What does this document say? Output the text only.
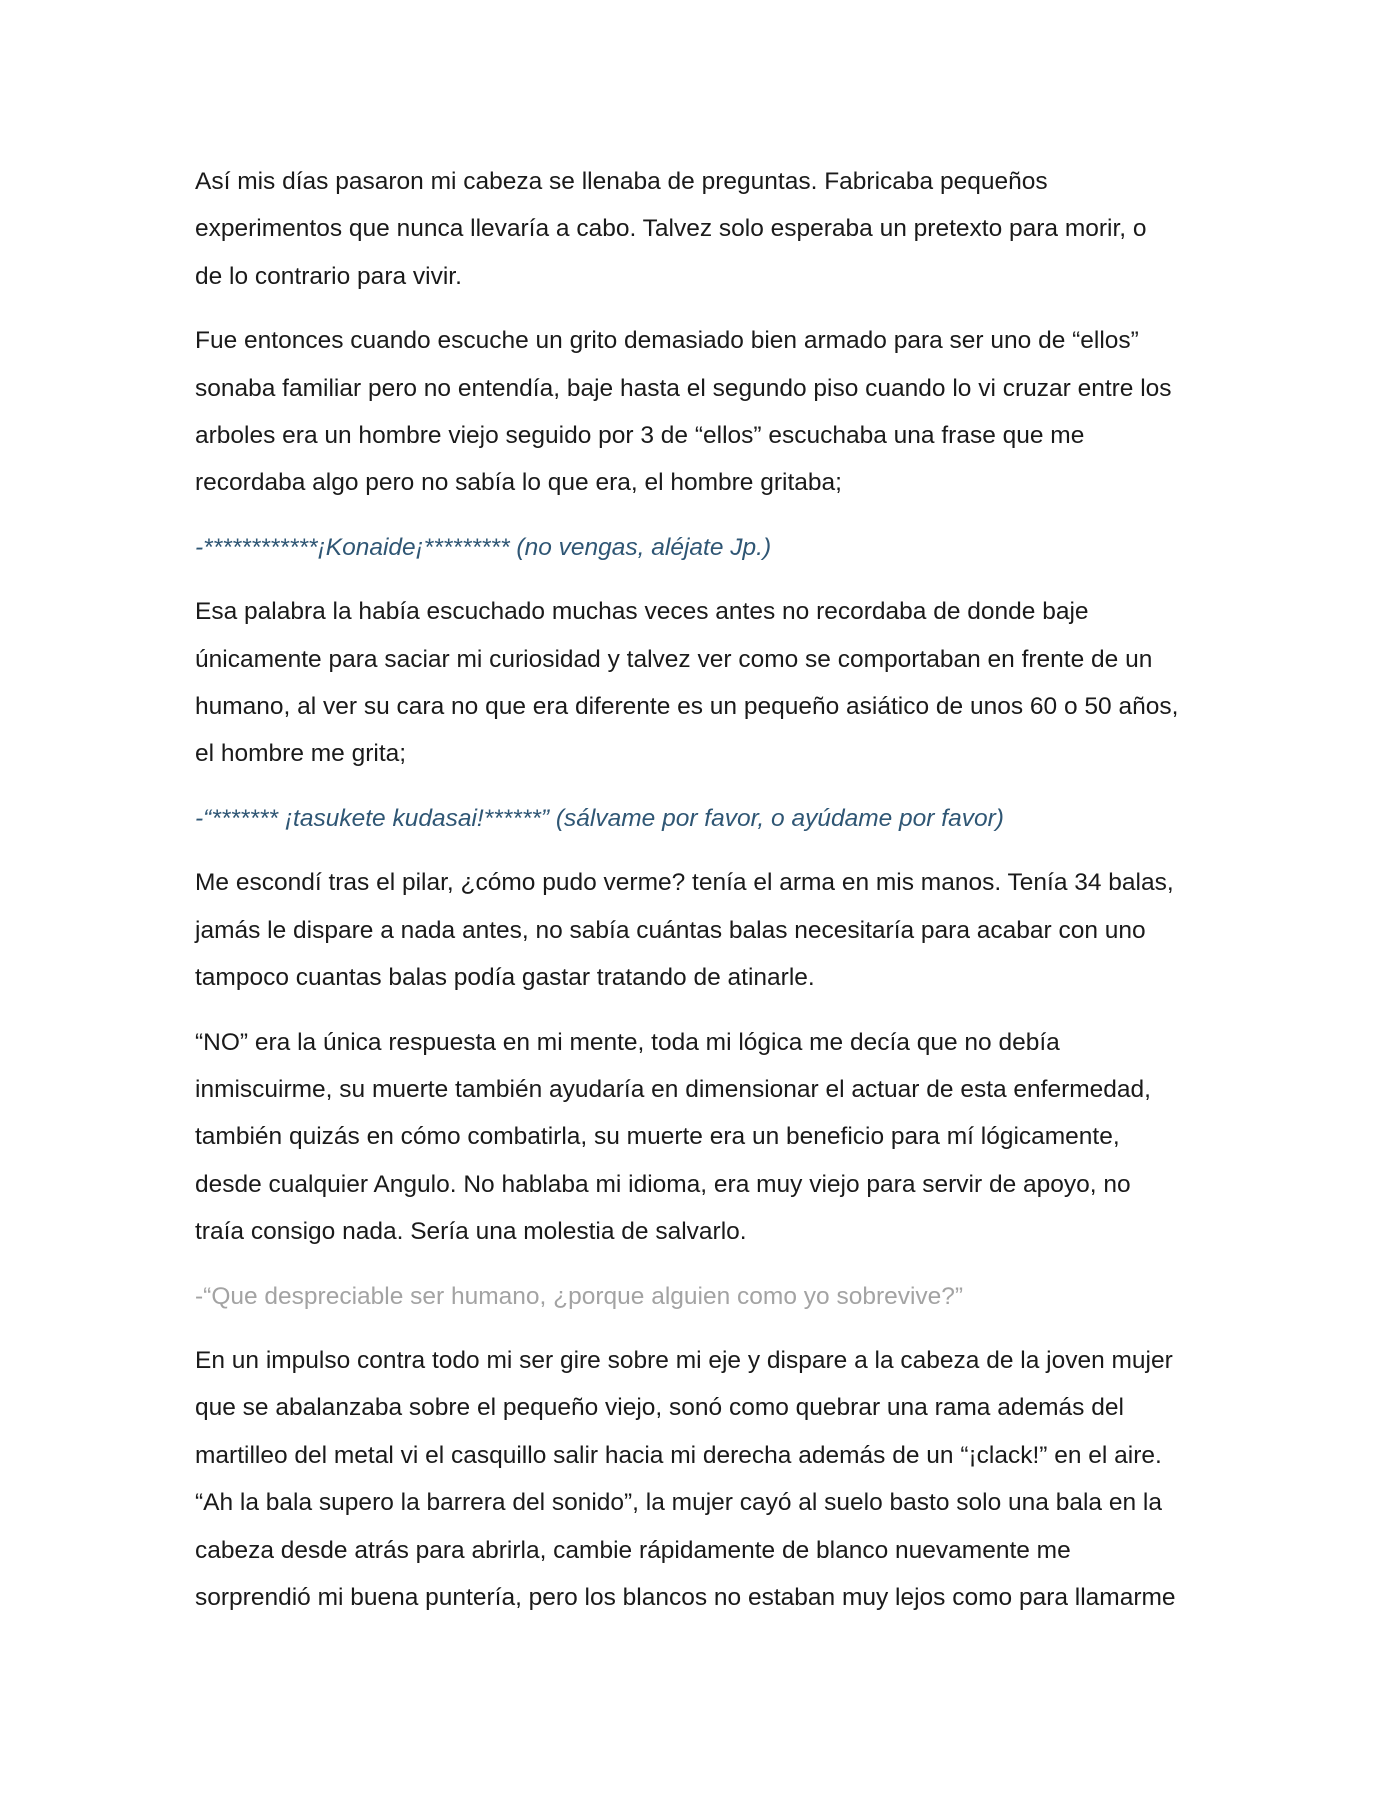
Así mis días pasaron mi cabeza se llenaba de preguntas. Fabricaba pequeños
experimentos que nunca llevaría a cabo. Talvez solo esperaba un pretexto para morir, o
de lo contrario para vivir.
Fue entonces cuando escuche un grito demasiado bien armado para ser uno de “ellos”
sonaba familiar pero no entendía, baje hasta el segundo piso cuando lo vi cruzar entre los
arboles era un hombre viejo seguido por 3 de “ellos” escuchaba una frase que me
recordaba algo pero no sabía lo que era, el hombre gritaba;
-************¡Konaide¡********* (no vengas, aléjate Jp.)
Esa palabra la había escuchado muchas veces antes no recordaba de donde baje
únicamente para saciar mi curiosidad y talvez ver como se comportaban en frente de un
humano, al ver su cara no que era diferente es un pequeño asiático de unos 60 o 50 años,
el hombre me grita;
-“******* ¡tasukete kudasai!******” (sálvame por favor, o ayúdame por favor)
Me escondí tras el pilar, ¿cómo pudo verme? tenía el arma en mis manos. Tenía 34 balas,
jamás le dispare a nada antes, no sabía cuántas balas necesitaría para acabar con uno
tampoco cuantas balas podía gastar tratando de atinarle.
“NO” era la única respuesta en mi mente, toda mi lógica me decía que no debía
inmiscuirme, su muerte también ayudaría en dimensionar el actuar de esta enfermedad,
también quizás en cómo combatirla, su muerte era un beneficio para mí lógicamente,
desde cualquier Angulo. No hablaba mi idioma, era muy viejo para servir de apoyo, no
traía consigo nada. Sería una molestia de salvarlo.
-“Que despreciable ser humano, ¿porque alguien como yo sobrevive?”
En un impulso contra todo mi ser gire sobre mi eje y dispare a la cabeza de la joven mujer
que se abalanzaba sobre el pequeño viejo, sonó como quebrar una rama además del
martilleo del metal vi el casquillo salir hacia mi derecha además de un “¡clack!” en el aire.
“Ah la bala supero la barrera del sonido”, la mujer cayó al suelo basto solo una bala en la
cabeza desde atrás para abrirla, cambie rápidamente de blanco nuevamente me
sorprendió mi buena puntería, pero los blancos no estaban muy lejos como para llamarme
